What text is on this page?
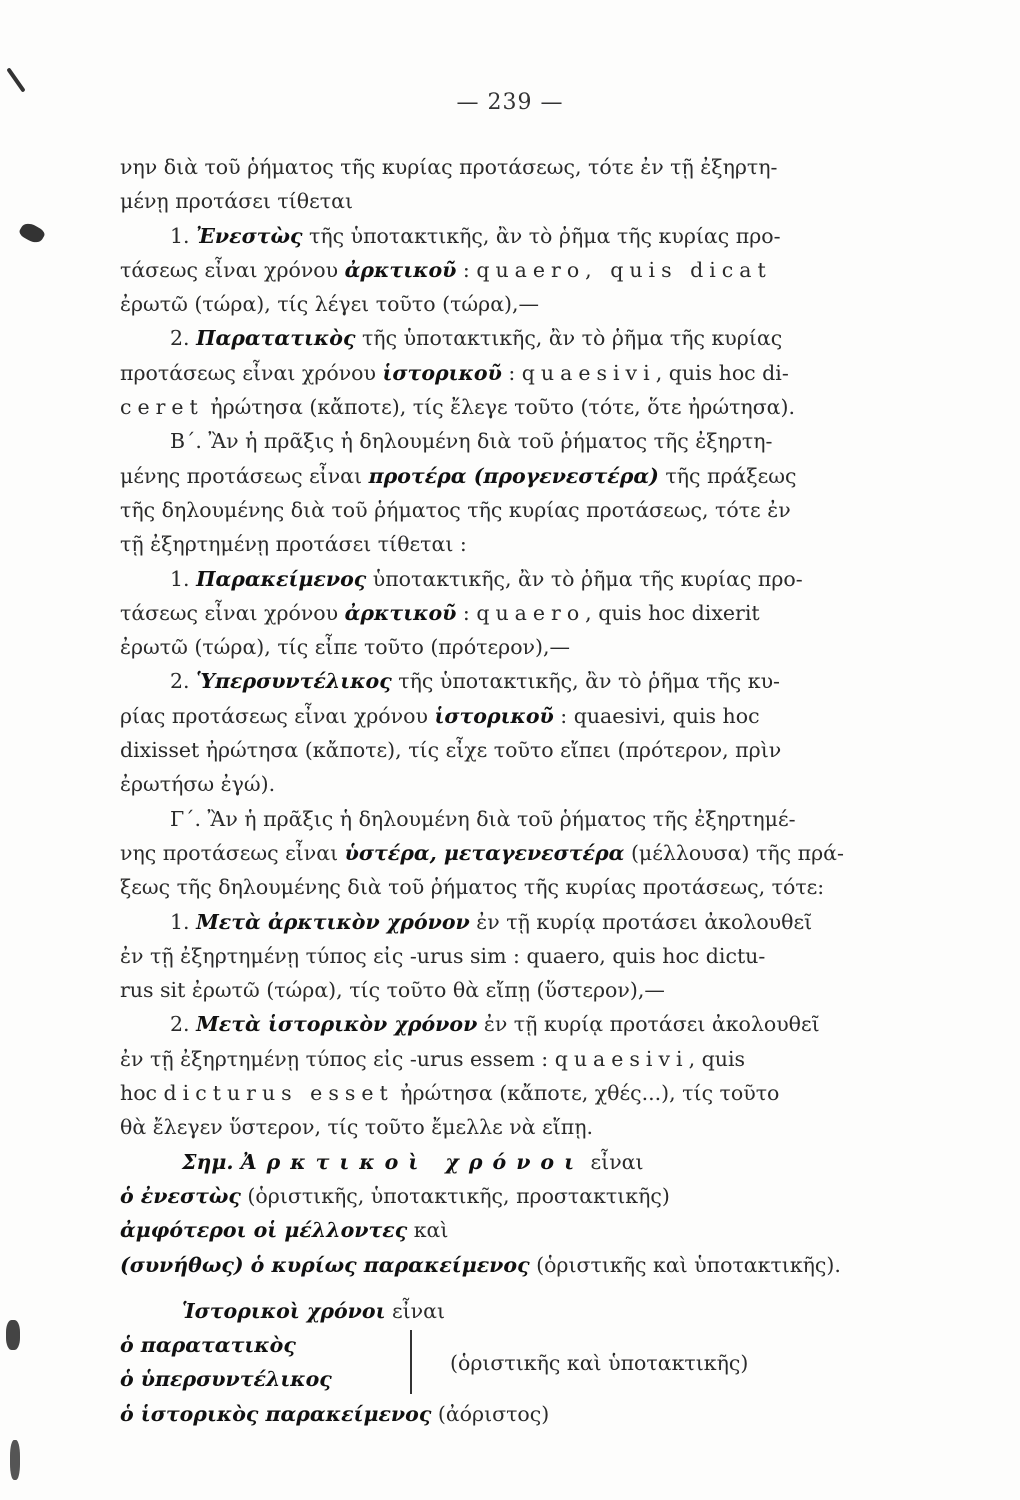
— 239 —
νην διὰ τοῦ ῥήματος τῆς κυρίας προτάσεως, τότε ἐν τῇ ἐξηρτη-
μένῃ προτάσει τίθεται
1. Ἐνεστὼς τῆς ὑποτακτικῆς, ἂν τὸ ῥῆμα τῆς κυρίας προ-
τάσεως εἶναι χρόνου ἀρκτικοῦ : quaero, quis dicat
ἐρωτῶ (τώρα), τίς λέγει τοῦτο (τώρα),—
2. Παρατατικὸς τῆς ὑποτακτικῆς, ἂν τὸ ῥῆμα τῆς κυρίας
προτάσεως εἶναι χρόνου ἱστορικοῦ : quaesivi, quis hoc di-
ceret ἠρώτησα (κἄποτε), τίς ἔλεγε τοῦτο (τότε, ὅτε ἠρώτησα).
Β΄. Ἂν ἡ πρᾶξις ἡ δηλουμένη διὰ τοῦ ῥήματος τῆς ἐξηρτη-
μένης προτάσεως εἶναι προτέρα (προγενεστέρα) τῆς πράξεως
τῆς δηλουμένης διὰ τοῦ ῥήματος τῆς κυρίας προτάσεως, τότε ἐν
τῇ ἐξηρτημένῃ προτάσει τίθεται :
1. Παρακείμενος ὑποτακτικῆς, ἂν τὸ ῥῆμα τῆς κυρίας προ-
τάσεως εἶναι χρόνου ἀρκτικοῦ : quaero, quis hoc dixerit
ἐρωτῶ (τώρα), τίς εἶπε τοῦτο (πρότερον),—
2. Ὑπερσυντέλικος τῆς ὑποτακτικῆς, ἂν τὸ ῥῆμα τῆς κυ-
ρίας προτάσεως εἶναι χρόνου ἱστορικοῦ : quaesivi, quis hoc
dixisset ἠρώτησα (κἄποτε), τίς εἶχε τοῦτο εἴπει (πρότερον, πρὶν
ἐρωτήσω ἐγώ).
Γ΄. Ἂν ἡ πρᾶξις ἡ δηλουμένη διὰ τοῦ ῥήματος τῆς ἐξηρτημέ-
νης προτάσεως εἶναι ὑστέρα, μεταγενεστέρα (μέλλουσα) τῆς πρά-
ξεως τῆς δηλουμένης διὰ τοῦ ῥήματος τῆς κυρίας προτάσεως, τότε:
1. Μετὰ ἀρκτικὸν χρόνον ἐν τῇ κυρίᾳ προτάσει ἀκολουθεῖ
ἐν τῇ ἐξηρτημένῃ τύπος εἰς -urus sim : quaero, quis hoc dictu-
rus sit ἐρωτῶ (τώρα), τίς τοῦτο θὰ εἴπῃ (ὕστερον),—
2. Μετὰ ἱστορικὸν χρόνον ἐν τῇ κυρίᾳ προτάσει ἀκολουθεῖ
ἐν τῇ ἐξηρτημένῃ τύπος εἰς -urus essem : quaesivi, quis
hoc dicturus esset ἠρώτησα (κἄποτε, χθές...), τίς τοῦτο
θὰ ἔλεγεν ὕστερον, τίς τοῦτο ἔμελλε νὰ εἴπῃ.
Σημ. Ἀρκτικοὶ χρόνοι εἶναι
ὁ ἐνεστὼς (ὁριστικῆς, ὑποτακτικῆς, προστακτικῆς)
ἀμφότεροι οἱ μέλλοντες καὶ
(συνήθως) ὁ κυρίως παρακείμενος (ὁριστικῆς καὶ ὑποτακτικῆς).
Ἱστορικοὶ χρόνοι εἶναι
ὁ παρατατικὸς
ὁ ὑπερσυντέλικος
(ὁριστικῆς καὶ ὑποτακτικῆς)
ὁ ἱστορικὸς παρακείμενος (ἀόριστος)
